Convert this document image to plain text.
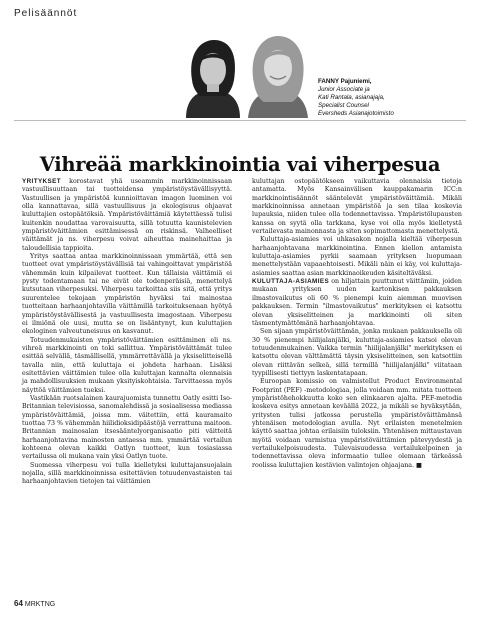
Pelisäännöt
FANNY Pajuniemi,
Junior Associate ja
Kati Rantala, asianajaja,
Specialist Counsel
Eversheds Asianajotoimisto
Vihreää markkinointia vai viherpesua

YRITYKSET korostavat yhä useammin markkinoinnissaan vastuullisuuttaan tai tuotteidensa ympäristöystävällisyyttä. Vastuullisen ja ympäristöä kunnioittavan imagon luominen voi olla kannattavaa, sillä vastuullisuus ja ekologisuus ohjaavat kuluttajien ostopäätöksiä. Ympäristöväittämiä käytettäessä tulisi kuitenkin noudattaa varovaisuutta, sillä totuutta kaunistelevien ympäristöväittämien esittämisessä on riskinsä. Valheelliset väittämät ja ns. viherpesu voivat aiheuttaa mainehaittaa ja taloudellisia tappioita.

Yritys saattaa antaa markkinoinnissaan ymmärtää, että sen tuotteet ovat ympäristöystävällisiä tai vahingoittavat ympäristöä vähemmän kuin kilpailevat tuotteet. Kun tällaisia väittämiä ei pysty todentamaan tai ne eivät ole todenperäisiä, menettelyä kutsutaan viherpesuksi. Viherpesu tarkoittaa siis sitä, että yritys suurentelee tekojaan ympäristön hyväksi tai mainostaa tuotteitaan harhaanjohtavilla väittämillä tarkoituksenaan hyötyä ympäristöystävällisestä ja vastuullisesta imagostaan. Viherpesu ei ilmiönä ole uusi, mutta se on lisääntynyt, kun kuluttajien ekologinen valveutuneisuus on kasvanut.

Totuudenmukaisten ympäristöväittämien esittäminen eli ns. vihreä markkinointi on toki sallittua. Ympäristöväittämät tulee esittää selvällä, täsmällisellä, ymmärrettävällä ja yksiselitteisellä tavalla niin, että kuluttaja ei johdeta harhaan. Lisäksi esitettävien väittämien tulee olla kuluttajan kannalta olennaisia ja mahdollisuuksien mukaan yksityiskohtaisia. Tarvittaessa myös näyttöä väittämien tueksi.

Vastikään ruotsalainen kaurajuomista tunnettu Oatly esitti Iso-Britannian televisiossa, sanomalehdissä ja sosiaalisessa mediassa ympäristöväittämiä, joissa mm. väitettiin, että kauramaito tuottaa 73 % vähemmän hiilidioksidipäästöjä verrattuna maitoon. Britannian mainosalan itsesääntelyorganisaatio piti väitteitä harhaanjohtavina mainosten antaessa mm. ymmärtää vertailun kohteena olevan kaikki Oatlyn tuotteet, kun tosiasiassa vertailussa oli mukana vain yksi Oatlyn tuote.

Suomessa viherpesu voi tulla kielletyksi kuluttajansuojalain nojalla, sillä markkinoinnissa esitettävien totuudenvastaisten tai harhaanjohtavien tietojen tai väittämien

kuluttajan ostopäätökseen vaikuttavia olennaisia tietoja antamatta. Myös Kansainvälisen kauppakamarin ICC:n markkinointisäännöt sääntelevät ympäristöväittämiä. Mikäli markkinoinnissa annetaan ympäristöä ja sen tilaa koskevia lupauksia, niiden tulee olla todennettavissa. Ympäristölupausten kanssa on syytä olla tarkkana, kyse voi olla myös kielletystä vertailevasta mainonnasta ja siten sopimattomasta menettelystä.

Kuluttaja-asiamies voi uhkasakon nojalla kieltää viherpesun harhaanjohtavana markkinointina. Ennen kiellon antamista kuluttaja-asiamies pyrkii saamaan yrityksen luopumaan menettelystään vapaaehtoisesti. Mikäli näin ei käy, voi kuluttaja-asiamies saattaa asian markkinaoikeuden käsiteltäväksi.

KULUTTAJA-ASIAMIES on hiljattain puuttunut väittämiin, joiden mukaan yrityksen uuden kartonkisen pakkauksen ilmastovaikutus oli 60 % pienempi kuin aiemman muovisen pakkauksen. Termin "ilmastovaikutus" merkityksen ei katsottu olevan yksiselitteinen ja markkinointi oli siten täsmentymättömänä harhaanjohtavaa.

Sen sijaan ympäristöväittämän, jonka mukaan pakkauksella oli 30 % pienempi hiilijalanjälki, kuluttaja-asiamies katsoi olevan totuudenmukainen. Vaikka termin "hiilijalanjälki" merkityksen ei katsottu olevan välttämättä täysin yksiselitteinen, sen katsottiin olevan riittävän selkeä, sillä termillä "hiilijalanjälki" viitataan tyypillisesti tiettyyn laskentatapaan.

Euroopan komissio on valmistellut Product Environmental Footprint (PEF) -metodologiaa, jolla voidaan mm. mitata tuotteen ympäristöhehokkuutta koko sen elinkaaren ajalta. PEF-metodia koskeva esitys annetaan keväällä 2022, ja mikäli se hyväksytään, yritysten tulisi jatkossa perustella ympäristöväittämänsä yhtenäisen metodologian avulla. Nyt erilaisten menetelmien käyttö saattaa johtaa erilaisiin tuloksiin. Yhtenäisen mittaustavan myötä voidaan varmistua ympäristöväittämien pätevyydestä ja vertailukelpoisuudesta. Tulevaisuudessa vertailukelpoinen ja todennettavissa oleva informaatio tullee olemaan tärkeässä roolissa kuluttajien kestävien valintojen ohjaajana. ■

64 MRKTNG
